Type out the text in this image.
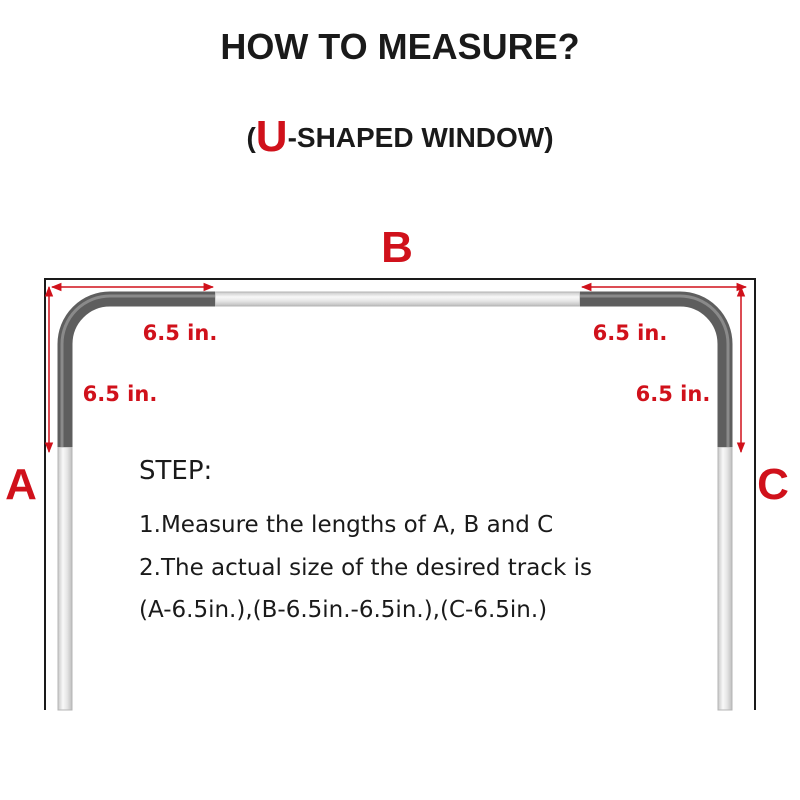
HOW TO MEASURE?
(U-SHAPED WINDOW)
B
A	C
6.5 in.	6.5 in.
6.5 in.	6.5 in.
STEP:
1.Measure the lengths of A, B and C
2.The actual size of the desired track is
(A-6.5in.),(B-6.5in.-6.5in.),(C-6.5in.)
